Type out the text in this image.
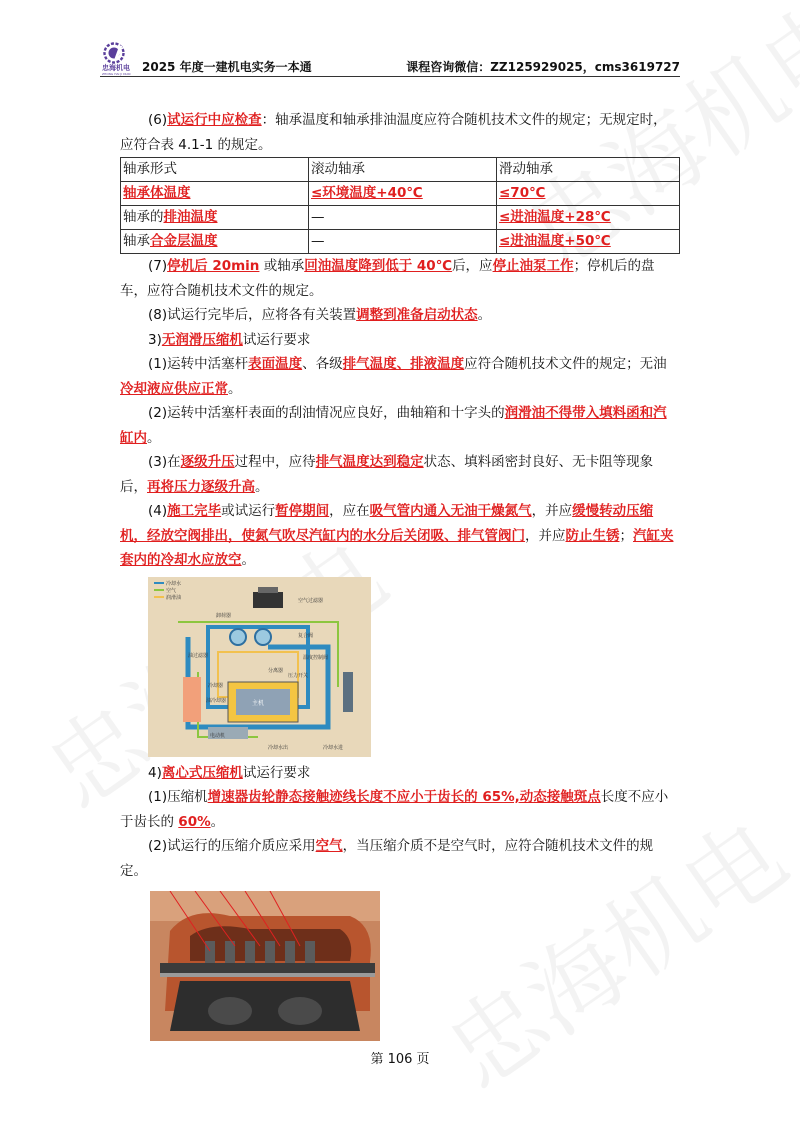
忠海机电
ZHONG HAI JI DIAN 2025 年度一建机电实务一本通	课程咨询微信：ZZ125929025，cms3619727

(6)试运行中应检查：轴承温度和轴承排油温度应符合随机技术文件的规定；无规定时，应符合表 4.1-1 的规定。

轴承形式	滚动轴承	滑动轴承
轴承体温度	≤环境温度+40℃	≤70℃
轴承的排油温度	—	≤进油温度+28℃
轴承合金层温度	—	≤进油温度+50℃

(7)停机后 20min 或轴承回油温度降到低于 40℃后，应停止油泵工作；停机后的盘车，应符合随机技术文件的规定。

(8)试运行完毕后，应将各有关装置调整到准备启动状态。

3)无润滑压缩机试运行要求

(1)运转中活塞杆表面温度、各级排气温度、排液温度应符合随机技术文件的规定；无油冷却液应供应正常。

(2)运转中活塞杆表面的刮油情况应良好，曲轴箱和十字头的润滑油不得带入填料函和汽缸内。

(3)在逐级升压过程中，应待排气温度达到稳定状态、填料函密封良好、无卡阻等现象后，再将压力逐级升高。

(4)施工完毕或试运行暂停期间，应在吸气管内通入无油干燥氮气，并应缓慢转动压缩机，经放空阀排出，使氮气吹尽汽缸内的水分后关闭吸、排气管阀门，并应防止生锈；汽缸夹套内的冷却水应放空。

冷却水
空气
润滑油
卸荷器
空气过滤器
复合阀
冷却器
分离器
油冷却器
温度控制阀
压力开关
油过滤器
主机
电动机
冷却水出	冷却水进

4)离心式压缩机试运行要求

(1)压缩机增速器齿轮静态接触迹线长度不应小于齿长的 65%,动态接触斑点长度不应小于齿长的 60%。

(2)试运行的压缩介质应采用空气，当压缩介质不是空气时，应符合随机技术文件的规定。

第 106 页
